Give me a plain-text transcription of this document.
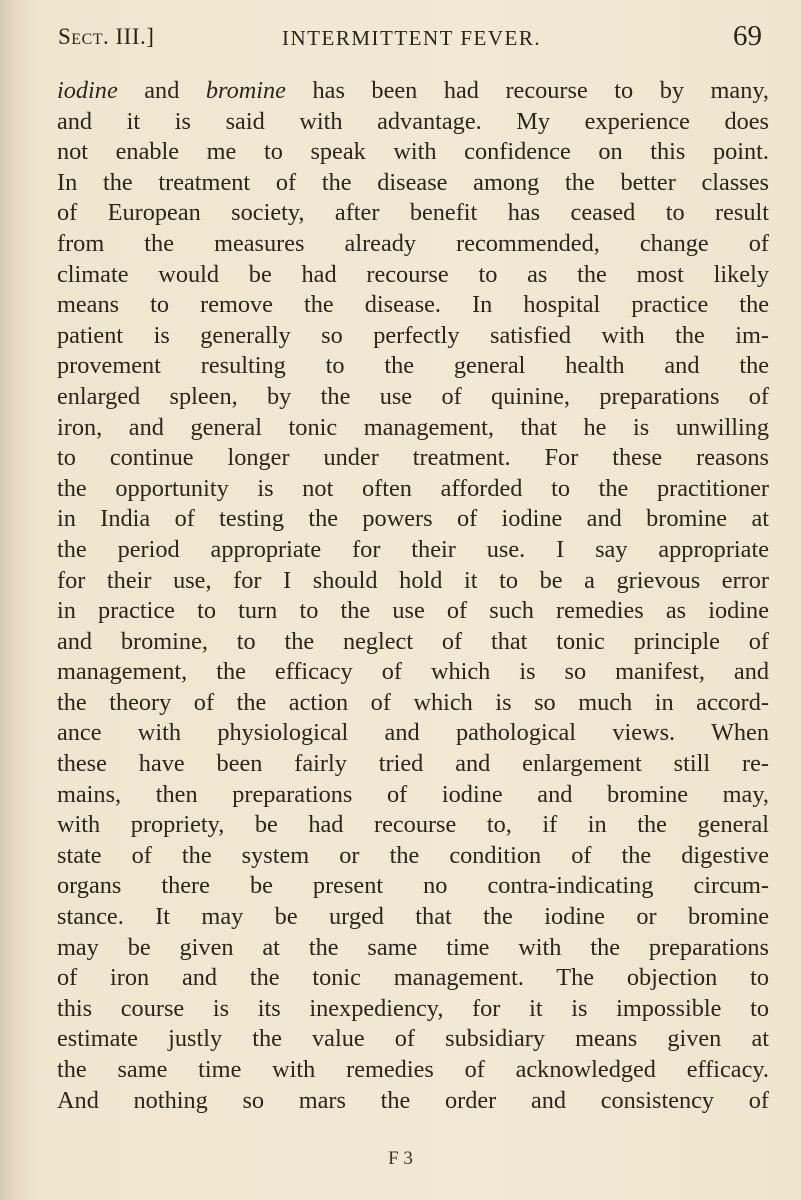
Sect. III.]	INTERMITTENT FEVER.	69
iodine and bromine has been had recourse to by many,
and it is said with advantage. My experience does
not enable me to speak with confidence on this point.
In the treatment of the disease among the better classes
of European society, after benefit has ceased to result
from the measures already recommended, change of
climate would be had recourse to as the most likely
means to remove the disease. In hospital practice the
patient is generally so perfectly satisfied with the im-
provement resulting to the general health and the
enlarged spleen, by the use of quinine, preparations of
iron, and general tonic management, that he is unwilling
to continue longer under treatment. For these reasons
the opportunity is not often afforded to the practitioner
in India of testing the powers of iodine and bromine at
the period appropriate for their use. I say appropriate
for their use, for I should hold it to be a grievous error
in practice to turn to the use of such remedies as iodine
and bromine, to the neglect of that tonic principle of
management, the efficacy of which is so manifest, and
the theory of the action of which is so much in accord-
ance with physiological and pathological views. When
these have been fairly tried and enlargement still re-
mains, then preparations of iodine and bromine may,
with propriety, be had recourse to, if in the general
state of the system or the condition of the digestive
organs there be present no contra-indicating circum-
stance. It may be urged that the iodine or bromine
may be given at the same time with the preparations
of iron and the tonic management. The objection to
this course is its inexpediency, for it is impossible to
estimate justly the value of subsidiary means given at
the same time with remedies of acknowledged efficacy.
And nothing so mars the order and consistency of
F 3
